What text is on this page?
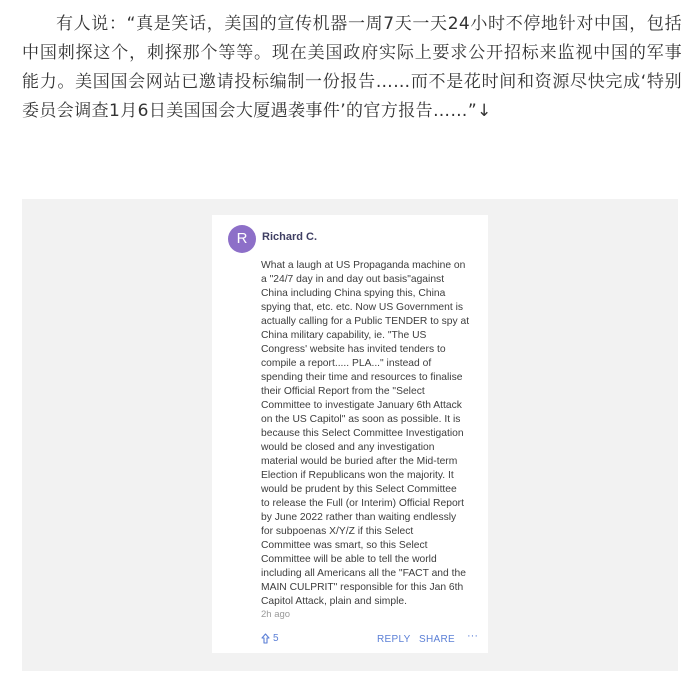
有人说：“真是笑话，美国的宣传机器一周7天一天24小时不停地针对中国，包括中国刺探这个，刺探那个等等。现在美国政府实际上要求公开招标来监视中国的军事能力。美国国会网站已邀请投标编制一份报告……而不是花时间和资源尽快完成‘特别委员会调查1月6日美国国会大厦遇袭事件’的官方报告……”↓

R	Richard C.

What a laugh at US Propaganda machine on
a "24/7 day in and day out basis"against
China including China spying this, China
spying that, etc. etc. Now US Government is
actually calling for a Public TENDER to spy at
China military capability, ie. "The US
Congress' website has invited tenders to
compile a report..... PLA..." instead of
spending their time and resources to finalise
their Official Report from the "Select
Committee to investigate January 6th Attack
on the US Capitol" as soon as possible. It is
because this Select Committee Investigation
would be closed and any investigation
material would be buried after the Mid-term
Election if Republicans won the majority. It
would be prudent by this Select Committee
to release the Full (or Interim) Official Report
by June 2022 rather than waiting endlessly
for subpoenas X/Y/Z if this Select
Committee was smart, so this Select
Committee will be able to tell the world
including all Americans all the "FACT and the
MAIN CULPRIT" responsible for this Jan 6th
Capitol Attack, plain and simple.

2h ago
5	REPLY SHARE ···
